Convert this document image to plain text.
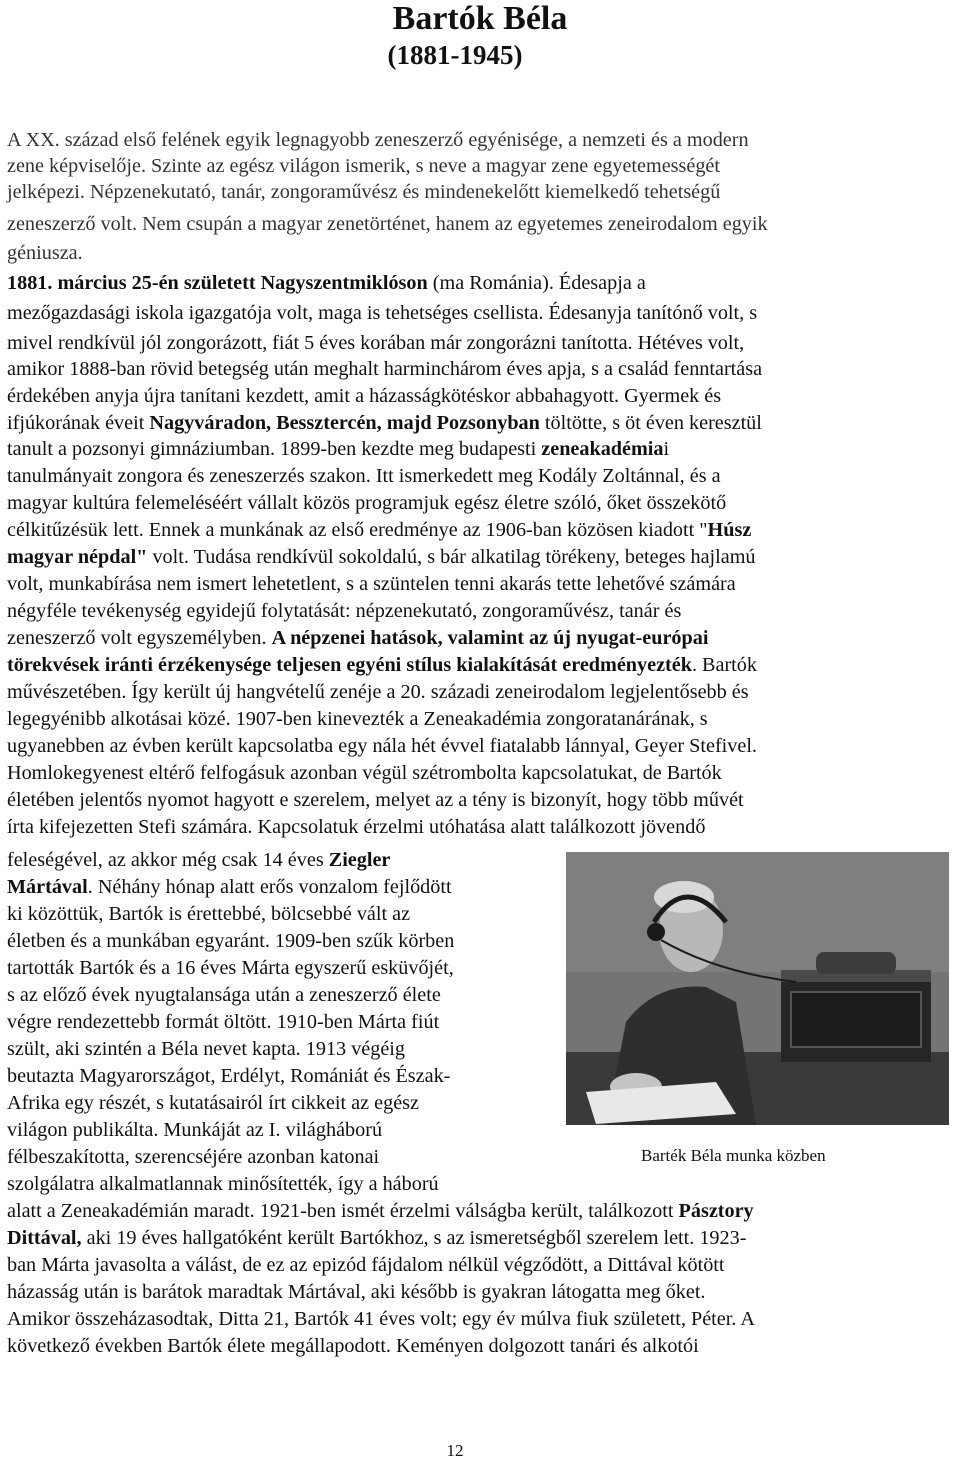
Bartók Béla
(1881-1945)
A XX. század első felének egyik legnagyobb zeneszerző egyénisége, a nemzeti és a modern
zene képviselője. Szinte az egész világon ismerik, s neve a magyar zene egyetemességét
jelképezi. Népzenekutató, tanár, zongoraművész és mindenekelőtt kiemelkedő tehetségű
zeneszerző volt. Nem csupán a magyar zenetörténet, hanem az egyetemes zeneirodalom egyik
géniusza.
1881. március 25-én született Nagyszentmiklóson (ma Románia). Édesapja a
mezőgazdasági iskola igazgatója volt, maga is tehetséges csellista. Édesanyja tanítónő volt, s
mivel rendkívül jól zongorázott, fiát 5 éves korában már zongorázni tanította. Hétéves volt,
amikor 1888-ban rövid betegség után meghalt harminchárom éves apja, s a család fenntartása
érdekében anyja újra tanítani kezdett, amit a házasságkötéskor abbahagyott. Gyermek és
ifjúkorának éveit Nagyváradon, Bessztercén, majd Pozsonyban töltötte, s öt éven keresztül
tanult a pozsonyi gimnáziumban. 1899-ben kezdte meg budapesti zeneakadémiai
tanulmányait zongora és zeneszerzés szakon. Itt ismerkedett meg Kodály Zoltánnal, és a
magyar kultúra felemeléséért vállalt közös programjuk egész életre szóló, őket összekötő
célkitűzésük lett. Ennek a munkának az első eredménye az 1906-ban közösen kiadott "Húsz
magyar népdal" volt. Tudása rendkívül sokoldalú, s bár alkatilag törékeny, beteges hajlamú
volt, munkabírása nem ismert lehetetlent, s a szüntelen tenni akarás tette lehetővé számára
négyféle tevékenység egyidejű folytatását: népzenekutató, zongoraművész, tanár és
zeneszerző volt egyszemélyben. A népzenei hatások, valamint az új nyugat-európai
törekvések iránti érzékenysége teljesen egyéni stílus kialakítását eredményezték. Bartók
művészetében. Így került új hangvételű zenéje a 20. századi zeneirodalom legjelentősebb és
legegyénibb alkotásai közé. 1907-ben kinevezték a Zeneakadémia zongoratanárának, s
ugyanebben az évben került kapcsolatba egy nála hét évvel fiatalabb lánnyal, Geyer Stefivel.
Homlokegyenest eltérő felfogásuk azonban végül szétrombolta kapcsolatukat, de Bartók
életében jelentős nyomot hagyott e szerelem, melyet az a tény is bizonyít, hogy több művét
írta kifejezetten Stefi számára. Kapcsolatuk érzelmi utóhatása alatt találkozott jövendő
feleségével, az akkor még csak 14 éves Ziegler
Mártával. Néhány hónap alatt erős vonzalom fejlődött
ki közöttük, Bartók is érettebbé, bölcsebbé vált az
életben és a munkában egyaránt. 1909-ben szűk körben
tartották Bartók és a 16 éves Márta egyszerű esküvőjét,
s az előző évek nyugtalansága után a zeneszerző élete
végre rendezettebb formát öltött. 1910-ben Márta fiút
szült, aki szintén a Béla nevet kapta. 1913 végéig
beutazta Magyarországot, Erdélyt, Romániát és Észak-
Afrika egy részét, s kutatásairól írt cikkeit az egész
világon publikálta. Munkáját az I. világháború
félbeszakította, szerencséjére azonban katonai
szolgálatra alkalmatlannak minősítették, így a háború
alatt a Zeneakadémián maradt. 1921-ben ismét érzelmi válságba került, találkozott Pásztory
Dittával, aki 19 éves hallgatóként került Bartókhoz, s az ismeretségből szerelem lett. 1923-
ban Márta javasolta a válást, de ez az epizód fájdalom nélkül végződött, a Dittával kötött
házasság után is barátok maradtak Mártával, aki később is gyakran látogatta meg őket.
Amikor összeházasodtak, Ditta 21, Bartók 41 éves volt; egy év múlva fiuk született, Péter. A
következő években Bartók élete megállapodott. Keményen dolgozott tanári és alkotói
Barték Béla munka közben
12
